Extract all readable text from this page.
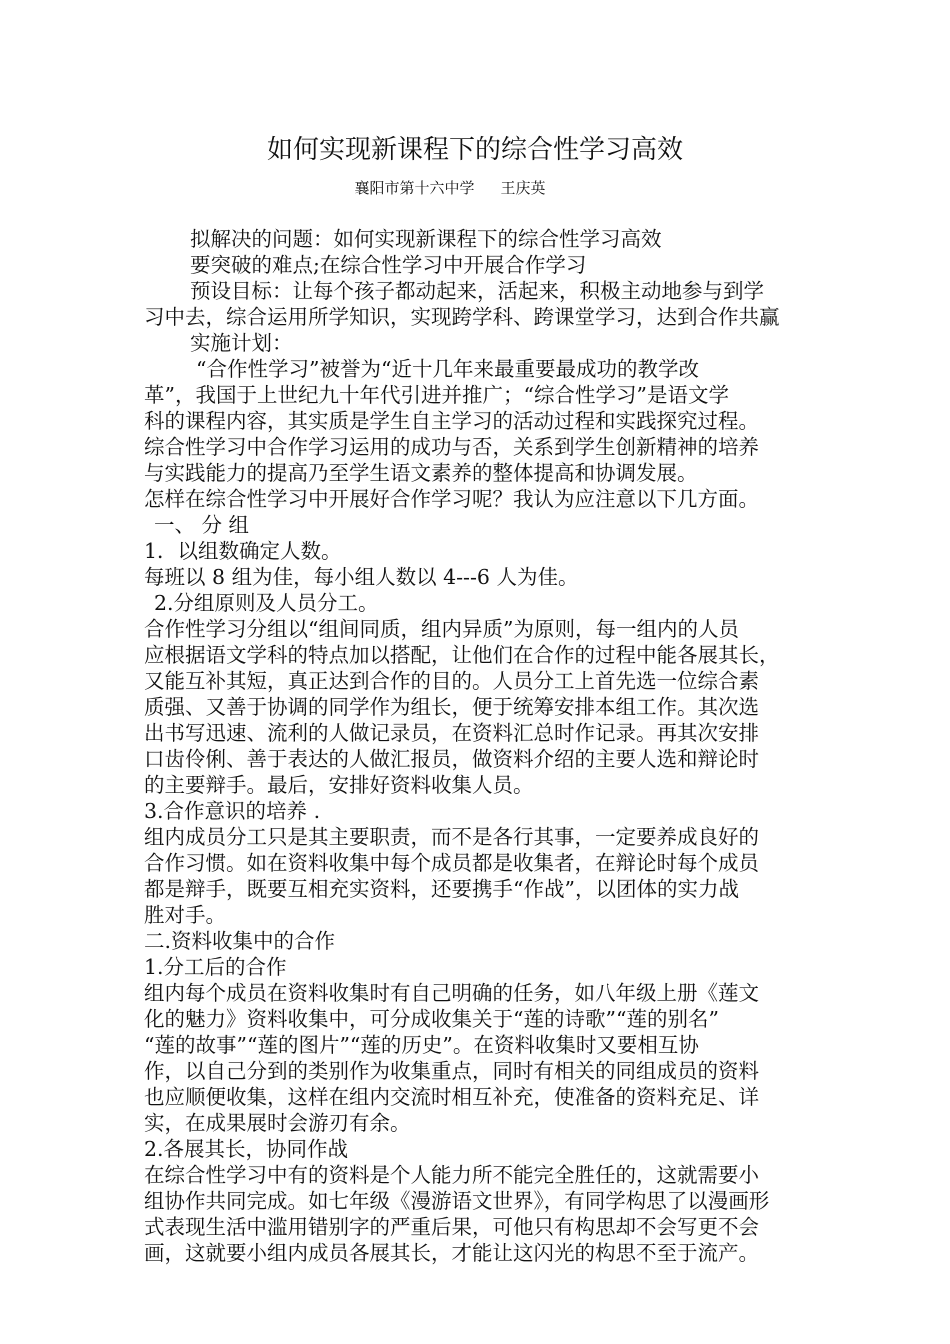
如何实现新课程下的综合性学习高效
襄阳市第十六中学 王庆英
拟解决的问题：如何实现新课程下的综合性学习高效
要突破的难点;在综合性学习中开展合作学习
预设目标：让每个孩子都动起来，活起来，积极主动地参与到学
习中去，综合运用所学知识，实现跨学科、跨课堂学习，达到合作共赢
实施计划：
“合作性学习”被誉为“近十几年来最重要最成功的教学改
革”，我国于上世纪九十年代引进并推广；“综合性学习”是语文学
科的课程内容，其实质是学生自主学习的活动过程和实践探究过程。
综合性学习中合作学习运用的成功与否，关系到学生创新精神的培养
与实践能力的提高乃至学生语文素养的整体提高和协调发展。
怎样在综合性学习中开展好合作学习呢？我认为应注意以下几方面。
一、 分 组
1．以组数确定人数。
每班以 8 组为佳，每小组人数以 4---6 人为佳。
2.分组原则及人员分工。
合作性学习分组以“组间同质，组内异质”为原则，每一组内的人员
应根据语文学科的特点加以搭配，让他们在合作的过程中能各展其长，
又能互补其短，真正达到合作的目的。人员分工上首先选一位综合素
质强、又善于协调的同学作为组长，便于统筹安排本组工作。其次选
出书写迅速、流利的人做记录员，在资料汇总时作记录。再其次安排
口齿伶俐、善于表达的人做汇报员，做资料介绍的主要人选和辩论时
的主要辩手。最后，安排好资料收集人员。
3.合作意识的培养 .
组内成员分工只是其主要职责，而不是各行其事，一定要养成良好的
合作习惯。如在资料收集中每个成员都是收集者，在辩论时每个成员
都是辩手，既要互相充实资料，还要携手“作战”，以团体的实力战
胜对手。
二.资料收集中的合作
1.分工后的合作
组内每个成员在资料收集时有自己明确的任务，如八年级上册《莲文
化的魅力》资料收集中，可分成收集关于“莲的诗歌”“莲的别名”
“莲的故事”“莲的图片”“莲的历史”。在资料收集时又要相互协
作，以自己分到的类别作为收集重点，同时有相关的同组成员的资料
也应顺便收集，这样在组内交流时相互补充，使准备的资料充足、详
实，在成果展时会游刃有余。
2.各展其长，协同作战
在综合性学习中有的资料是个人能力所不能完全胜任的，这就需要小
组协作共同完成。如七年级《漫游语文世界》，有同学构思了以漫画形
式表现生活中滥用错别字的严重后果，可他只有构思却不会写更不会
画，这就要小组内成员各展其长，才能让这闪光的构思不至于流产。
